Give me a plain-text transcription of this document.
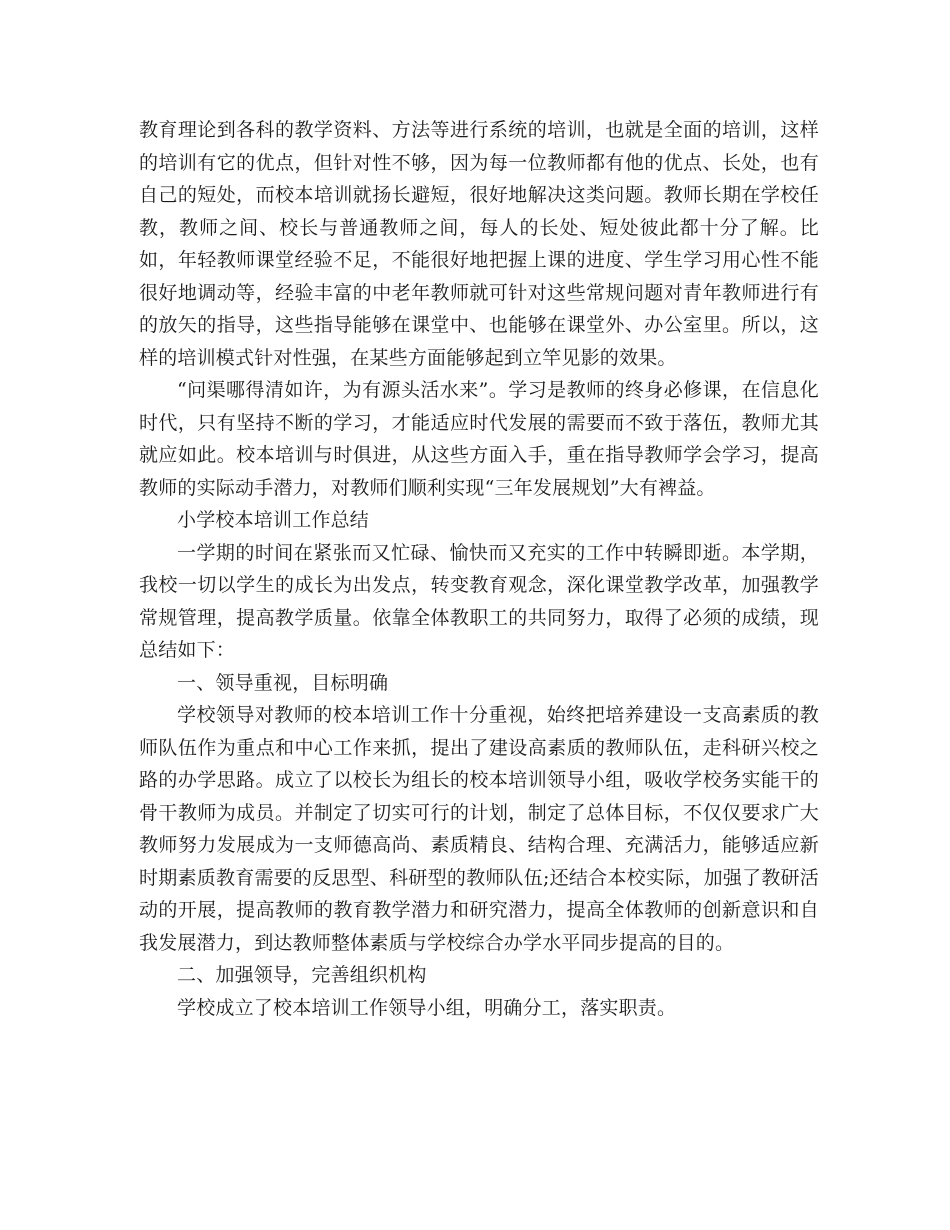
教育理论到各科的教学资料、方法等进行系统的培训，也就是全面的培训，这样的培训有它的优点，但针对性不够，因为每一位教师都有他的优点、长处，也有自己的短处，而校本培训就扬长避短，很好地解决这类问题。教师长期在学校任教，教师之间、校长与普通教师之间，每人的长处、短处彼此都十分了解。比如，年轻教师课堂经验不足，不能很好地把握上课的进度、学生学习用心性不能很好地调动等，经验丰富的中老年教师就可针对这些常规问题对青年教师进行有的放矢的指导，这些指导能够在课堂中、也能够在课堂外、办公室里。所以，这样的培训模式针对性强，在某些方面能够起到立竿见影的效果。

“问渠哪得清如许，为有源头活水来”。学习是教师的终身必修课，在信息化时代，只有坚持不断的学习，才能适应时代发展的需要而不致于落伍，教师尤其就应如此。校本培训与时俱进，从这些方面入手，重在指导教师学会学习，提高教师的实际动手潜力，对教师们顺利实现“三年发展规划”大有裨益。

小学校本培训工作总结

一学期的时间在紧张而又忙碌、愉快而又充实的工作中转瞬即逝。本学期，我校一切以学生的成长为出发点，转变教育观念，深化课堂教学改革，加强教学常规管理，提高教学质量。依靠全体教职工的共同努力，取得了必须的成绩，现总结如下：

一、领导重视，目标明确

学校领导对教师的校本培训工作十分重视，始终把培养建设一支高素质的教师队伍作为重点和中心工作来抓，提出了建设高素质的教师队伍，走科研兴校之路的办学思路。成立了以校长为组长的校本培训领导小组，吸收学校务实能干的骨干教师为成员。并制定了切实可行的计划，制定了总体目标，不仅仅要求广大教师努力发展成为一支师德高尚、素质精良、结构合理、充满活力，能够适应新时期素质教育需要的反思型、科研型的教师队伍;还结合本校实际，加强了教研活动的开展，提高教师的教育教学潜力和研究潜力，提高全体教师的创新意识和自我发展潜力，到达教师整体素质与学校综合办学水平同步提高的目的。

二、加强领导，完善组织机构

学校成立了校本培训工作领导小组，明确分工，落实职责。
